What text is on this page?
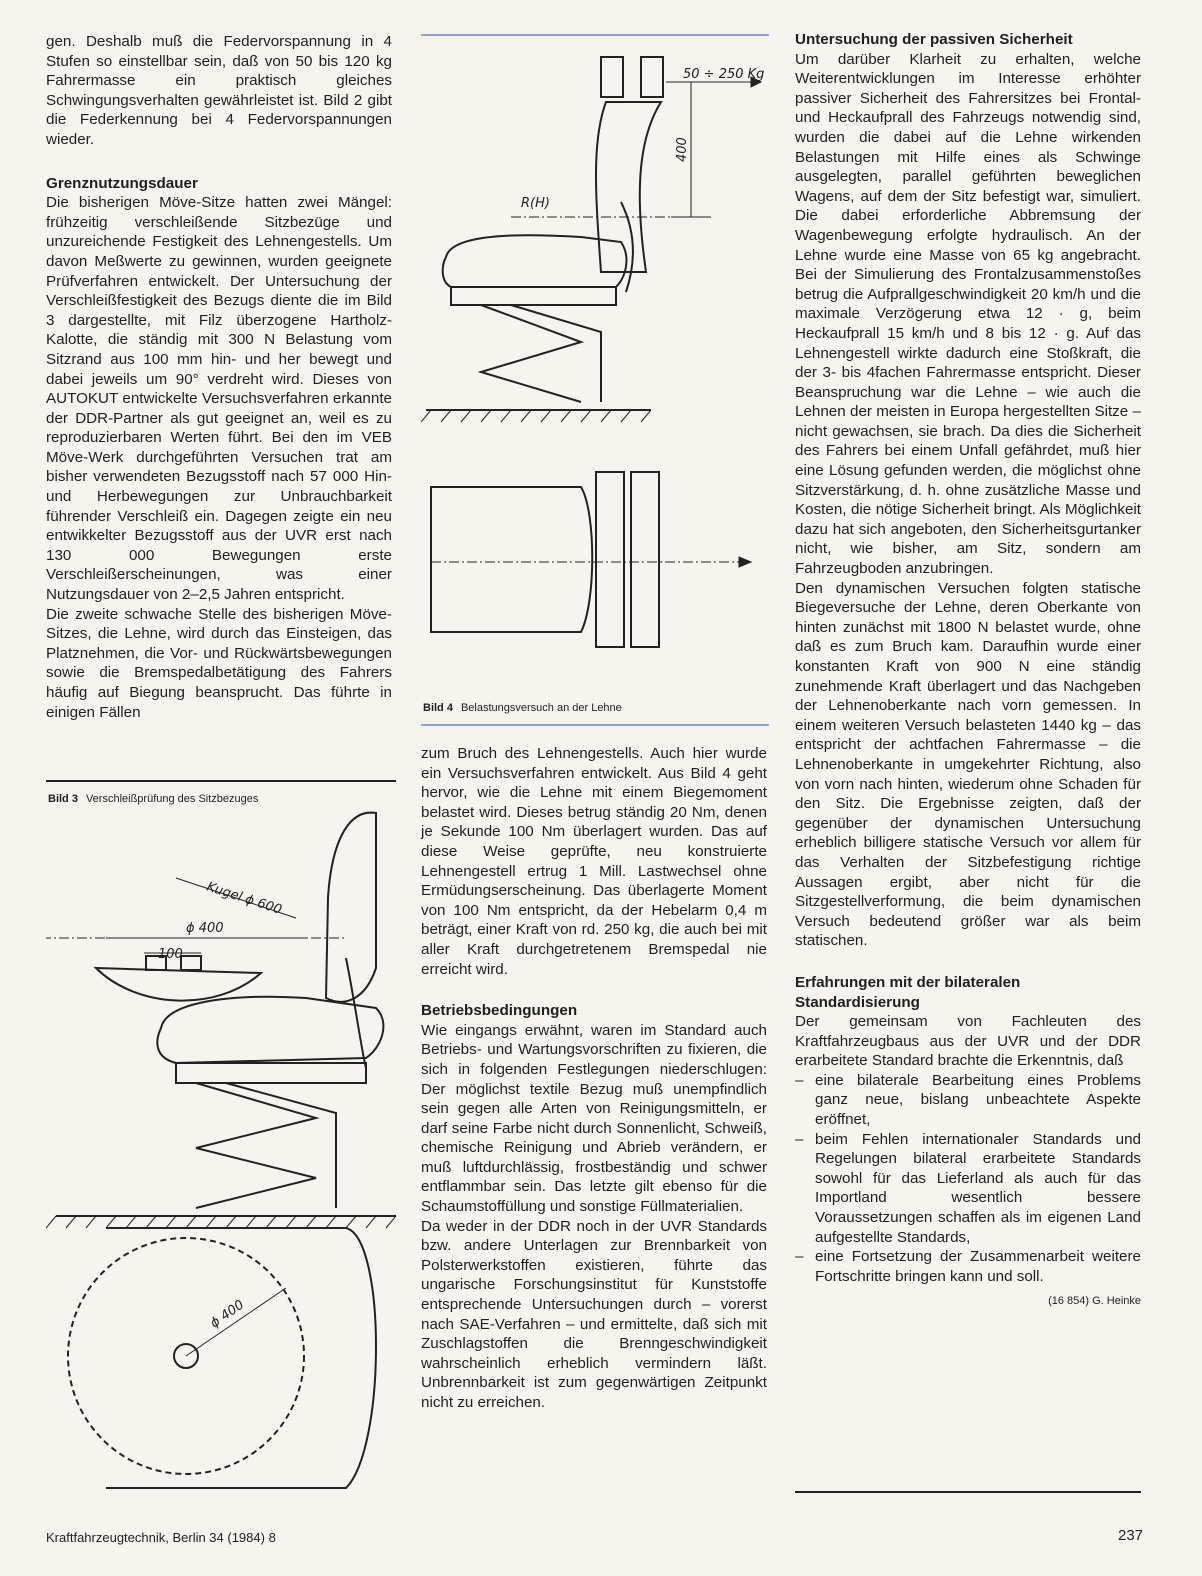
gen. Deshalb muß die Federvorspannung in 4 Stufen so einstellbar sein, daß von 50 bis 120 kg Fahrermasse ein praktisch gleiches Schwingungsverhalten gewährleistet ist. Bild 2 gibt die Federkennung bei 4 Federvorspannungen wieder.

Grenznutzungsdauer

Die bisherigen Möve-Sitze hatten zwei Mängel: frühzeitig verschleißende Sitzbezüge und unzureichende Festigkeit des Lehnengestells. Um davon Meßwerte zu gewinnen, wurden geeignete Prüfverfahren entwickelt. Der Untersuchung der Verschleißfestigkeit des Bezugs diente die im Bild 3 dargestellte, mit Filz überzogene Hartholz-Kalotte, die ständig mit 300 N Belastung vom Sitzrand aus 100 mm hin- und her bewegt und dabei jeweils um 90° verdreht wird. Dieses von AUTOKUT entwickelte Versuchsverfahren erkannte der DDR-Partner als gut geeignet an, weil es zu reproduzierbaren Werten führt. Bei den im VEB Möve-Werk durchgeführten Versuchen trat am bisher verwendeten Bezugsstoff nach 57 000 Hin- und Herbewegungen zur Unbrauchbarkeit führender Verschleiß ein. Dagegen zeigte ein neu entwikkelter Bezugsstoff aus der UVR erst nach 130 000 Bewegungen erste Verschleißerscheinungen, was einer Nutzungsdauer von 2–2,5 Jahren entspricht.

Die zweite schwache Stelle des bisherigen Möve-Sitzes, die Lehne, wird durch das Einsteigen, das Platznehmen, die Vor- und Rückwärtsbewegungen sowie die Bremspedalbetätigung des Fahrers häufig auf Biegung beansprucht. Das führte in einigen Fällen

Bild 3 Verschleißprüfung des Sitzbezuges
Kugel ϕ 600
ϕ 400
100
ϕ 400
50 ÷ 250 Kg
400
R(H)
Bild 4 Belastungsversuch an der Lehne

zum Bruch des Lehnengestells. Auch hier wurde ein Versuchsverfahren entwickelt. Aus Bild 4 geht hervor, wie die Lehne mit einem Biegemoment belastet wird. Dieses betrug ständig 20 Nm, denen je Sekunde 100 Nm überlagert wurden. Das auf diese Weise geprüfte, neu konstruierte Lehnengestell ertrug 1 Mill. Lastwechsel ohne Ermüdungserscheinung. Das überlagerte Moment von 100 Nm entspricht, da der Hebelarm 0,4 m beträgt, einer Kraft von rd. 250 kg, die auch bei mit aller Kraft durchgetretenem Bremspedal nie erreicht wird.

Betriebsbedingungen

Wie eingangs erwähnt, waren im Standard auch Betriebs- und Wartungsvorschriften zu fixieren, die sich in folgenden Festlegungen niederschlugen: Der möglichst textile Bezug muß unempfindlich sein gegen alle Arten von Reinigungsmitteln, er darf seine Farbe nicht durch Sonnenlicht, Schweiß, chemische Reinigung und Abrieb verändern, er muß luftdurchlässig, frostbeständig und schwer entflammbar sein. Das letzte gilt ebenso für die Schaumstoffüllung und sonstige Füllmaterialien.

Da weder in der DDR noch in der UVR Standards bzw. andere Unterlagen zur Brennbarkeit von Polsterwerkstoffen existieren, führte das ungarische Forschungsinstitut für Kunststoffe entsprechende Untersuchungen durch – vorerst nach SAE-Verfahren – und ermittelte, daß sich mit Zuschlagstoffen die Brenngeschwindigkeit wahrscheinlich erheblich vermindern läßt. Unbrennbarkeit ist zum gegenwärtigen Zeitpunkt nicht zu erreichen.

Untersuchung der passiven Sicherheit

Um darüber Klarheit zu erhalten, welche Weiterentwicklungen im Interesse erhöhter passiver Sicherheit des Fahrersitzes bei Frontal- und Heckaufprall des Fahrzeugs notwendig sind, wurden die dabei auf die Lehne wirkenden Belastungen mit Hilfe eines als Schwinge ausgelegten, parallel geführten beweglichen Wagens, auf dem der Sitz befestigt war, simuliert. Die dabei erforderliche Abbremsung der Wagenbewegung erfolgte hydraulisch. An der Lehne wurde eine Masse von 65 kg angebracht. Bei der Simulierung des Frontalzusammenstoßes betrug die Aufprallgeschwindigkeit 20 km/h und die maximale Verzögerung etwa 12 · g, beim Heckaufprall 15 km/h und 8 bis 12 · g. Auf das Lehnengestell wirkte dadurch eine Stoßkraft, die der 3- bis 4fachen Fahrermasse entspricht. Dieser Beanspruchung war die Lehne – wie auch die Lehnen der meisten in Europa hergestellten Sitze – nicht gewachsen, sie brach. Da dies die Sicherheit des Fahrers bei einem Unfall gefährdet, muß hier eine Lösung gefunden werden, die möglichst ohne Sitzverstärkung, d. h. ohne zusätzliche Masse und Kosten, die nötige Sicherheit bringt. Als Möglichkeit dazu hat sich angeboten, den Sicherheitsgurtanker nicht, wie bisher, am Sitz, sondern am Fahrzeugboden anzubringen.

Den dynamischen Versuchen folgten statische Biegeversuche der Lehne, deren Oberkante von hinten zunächst mit 1800 N belastet wurde, ohne daß es zum Bruch kam. Daraufhin wurde einer konstanten Kraft von 900 N eine ständig zunehmende Kraft überlagert und das Nachgeben der Lehnenoberkante nach vorn gemessen. In einem weiteren Versuch belasteten 1440 kg – das entspricht der achtfachen Fahrermasse – die Lehnenoberkante in umgekehrter Richtung, also von vorn nach hinten, wiederum ohne Schaden für den Sitz. Die Ergebnisse zeigten, daß der gegenüber der dynamischen Untersuchung erheblich billigere statische Versuch vor allem für das Verhalten der Sitzbefestigung richtige Aussagen ergibt, aber nicht für die Sitzgestellverformung, die beim dynamischen Versuch bedeutend größer war als beim statischen.

Erfahrungen mit der bilateralen Standardisierung

Der gemeinsam von Fachleuten des Kraftfahrzeugbaus aus der UVR und der DDR erarbeitete Standard brachte die Erkenntnis, daß

– eine bilaterale Bearbeitung eines Problems ganz neue, bislang unbeachtete Aspekte eröffnet,
– beim Fehlen internationaler Standards und Regelungen bilateral erarbeitete Standards sowohl für das Lieferland als auch für das Importland wesentlich bessere Voraussetzungen schaffen als im eigenen Land aufgestellte Standards,
– eine Fortsetzung der Zusammenarbeit weitere Fortschritte bringen kann und soll.
(16 854) G. Heinke
Kraftfahrzeugtechnik, Berlin 34 (1984) 8	237
